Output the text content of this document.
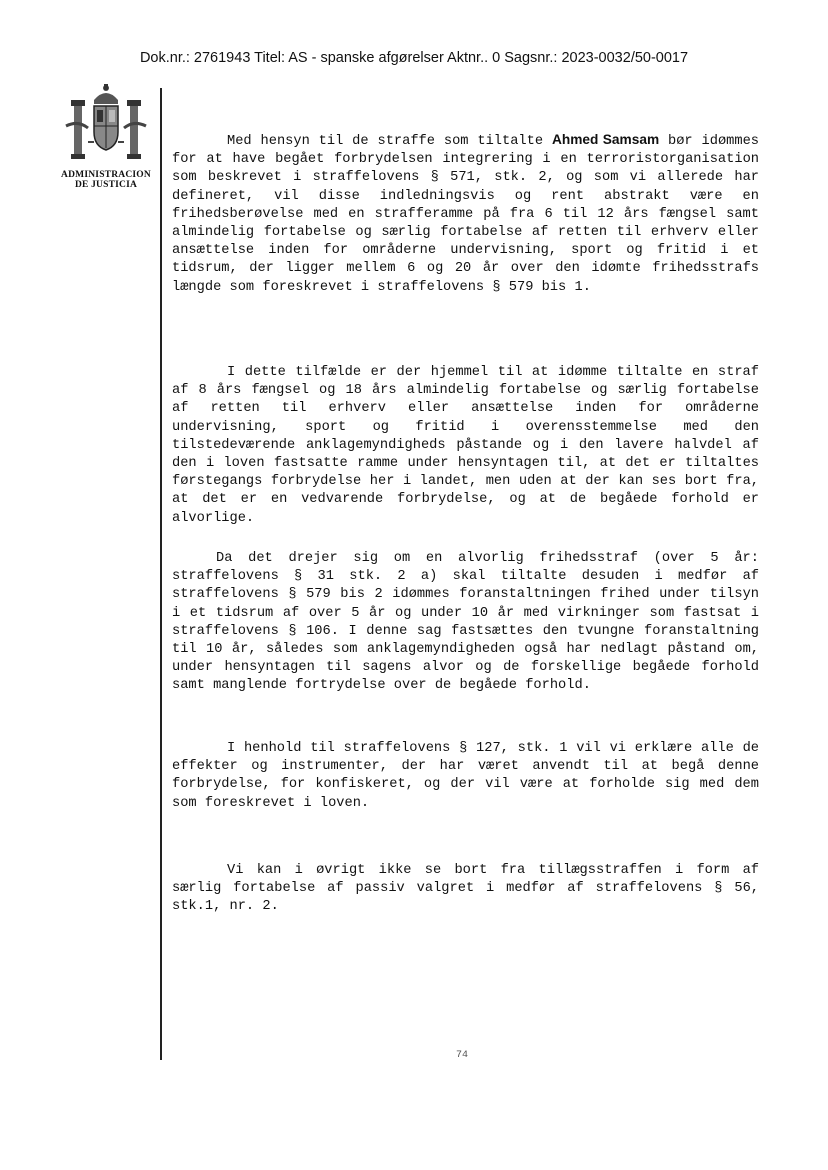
Dok.nr.: 2761943 Titel: AS - spanske afgørelser Aktnr.. 0 Sagsnr.: 2023-0032/50-0017
ADMINISTRACION
DE JUSTICIA
Med hensyn til de straffe som tiltalte Ahmed Samsam bør idømmes for at have begået forbrydelsen integrering i en terroristorganisation som beskrevet i straffelovens § 571, stk. 2, og som vi allerede har defineret, vil disse indledningsvis og rent abstrakt være en frihedsberøvelse med en strafferamme på fra 6 til 12 års fængsel samt almindelig fortabelse og særlig fortabelse af retten til erhverv eller ansættelse inden for områderne undervisning, sport og fritid i et tidsrum, der ligger mellem 6 og 20 år over den idømte frihedsstrafs længde som foreskrevet i straffelovens § 579 bis 1.
I dette tilfælde er der hjemmel til at idømme tiltalte en straf af 8 års fængsel og 18 års almindelig fortabelse og særlig fortabelse af retten til erhverv eller ansættelse inden for områderne undervisning, sport og fritid i overensstemmelse med den tilstedeværende anklagemyndigheds påstande og i den lavere halvdel af den i loven fastsatte ramme under hensyntagen til, at det er tiltaltes førstegangs forbrydelse her i landet, men uden at der kan ses bort fra, at det er en vedvarende forbrydelse, og at de begåede forhold er alvorlige.
Da det drejer sig om en alvorlig frihedsstraf (over 5 år: straffelovens § 31 stk. 2 a) skal tiltalte desuden i medfør af straffelovens § 579 bis 2 idømmes foranstaltningen frihed under tilsyn i et tidsrum af over 5 år og under 10 år med virkninger som fastsat i straffelovens § 106. I denne sag fastsættes den tvungne foranstaltning til 10 år, således som anklagemyndigheden også har nedlagt påstand om, under hensyntagen til sagens alvor og de forskellige begåede forhold samt manglende fortrydelse over de begåede forhold.
I henhold til straffelovens § 127, stk. 1 vil vi erklære alle de effekter og instrumenter, der har været anvendt til at begå denne forbrydelse, for konfiskeret, og der vil være at forholde sig med dem som foreskrevet i loven.
Vi kan i øvrigt ikke se bort fra tillægsstraffen i form af særlig fortabelse af passiv valgret i medfør af straffelovens § 56, stk.1, nr. 2.
74
